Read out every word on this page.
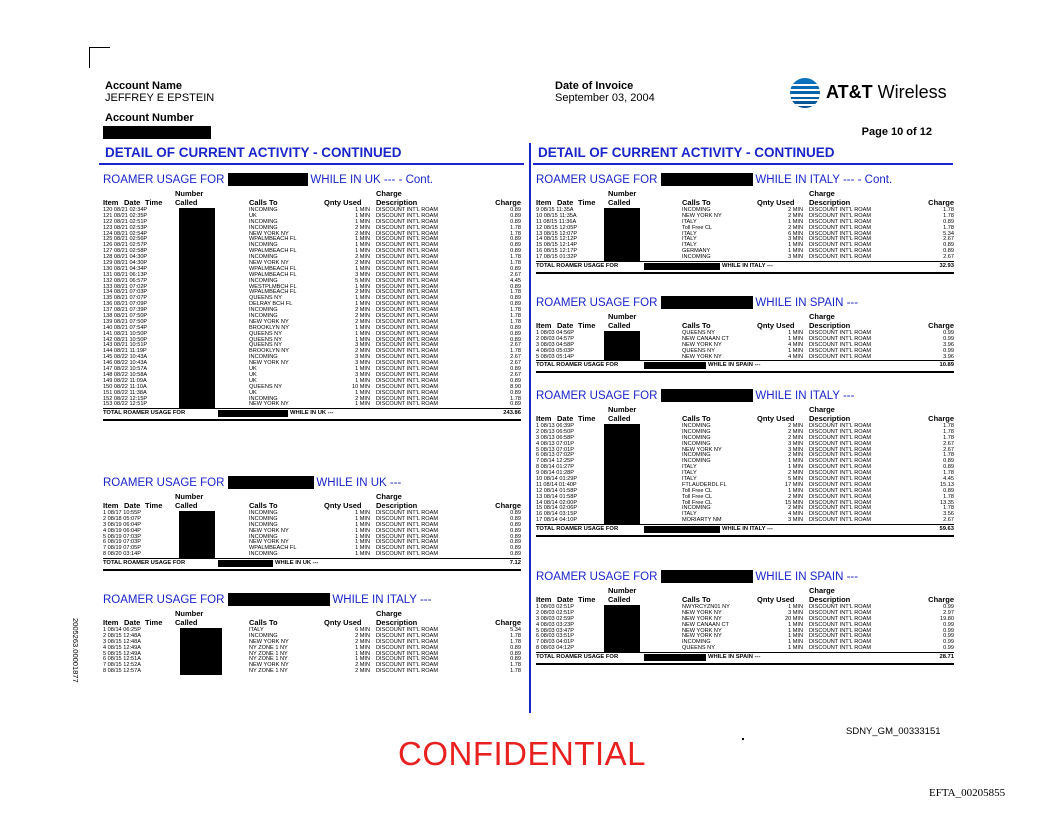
Account Name
JEFFREY E EPSTEIN
Account Number
Date of Invoice
September 03, 2004	AT&T Wireless
Page 10 of 12
DETAIL OF CURRENT ACTIVITY - CONTINUED	DETAIL OF CURRENT ACTIVITY - CONTINUED
ROAMER USAGE FOR	WHILE IN UK --- - Cont.
Number	Charge
Item Date Time Called	Calls To	Qnty Used Description	Charge
120 08/21 02:34P	INCOMING	1 MIN DISCOUNT INT'L ROAM	0.89
121 08/21 02:35P	UK	1 MIN DISCOUNT INT'L ROAM	0.89
122 08/21 02:51P	INCOMING	1 MIN DISCOUNT INT'L ROAM	0.89
123 08/21 02:53P	INCOMING	2 MIN DISCOUNT INT'L ROAM	1.78
124 08/21 02:54P	NEW YORK NY	2 MIN DISCOUNT INT'L ROAM	1.78
125 08/21 02:56P	WPALMBEACH FL	1 MIN DISCOUNT INT'L ROAM	0.89
126 08/21 02:57P	INCOMING	1 MIN DISCOUNT INT'L ROAM	0.89
127 08/21 02:58P	WPALMBEACH FL	1 MIN DISCOUNT INT'L ROAM	0.89
128 08/21 04:30P	INCOMING	2 MIN DISCOUNT INT'L ROAM	1.78
129 08/21 04:30P	NEW YORK NY	2 MIN DISCOUNT INT'L ROAM	1.78
130 08/21 04:34P	WPALMBEACH FL	1 MIN DISCOUNT INT'L ROAM	0.89
131 08/21 06:13P	WPALMBEACH FL	3 MIN DISCOUNT INT'L ROAM	2.67
132 08/21 06:57P	INCOMING	5 MIN DISCOUNT INT'L ROAM	4.45
133 08/21 07:02P	WESTPLMBCH FL	1 MIN DISCOUNT INT'L ROAM	0.89
134 08/21 07:03P	WPALMBEACH FL	2 MIN DISCOUNT INT'L ROAM	1.78
135 08/21 07:07P	QUEENS NY	1 MIN DISCOUNT INT'L ROAM	0.89
136 08/21 07:09P	DELRAY BCH FL	1 MIN DISCOUNT INT'L ROAM	0.89
137 08/21 07:39P	INCOMING	2 MIN DISCOUNT INT'L ROAM	1.78
138 08/21 07:50P	INCOMING	2 MIN DISCOUNT INT'L ROAM	1.78
139 08/21 07:50P	NEW YORK NY	2 MIN DISCOUNT INT'L ROAM	1.78
140 08/21 07:54P	BROOKLYN NY	1 MIN DISCOUNT INT'L ROAM	0.89
141 08/21 10:50P	QUEENS NY	1 MIN DISCOUNT INT'L ROAM	0.89
142 08/21 10:50P	QUEENS NY	1 MIN DISCOUNT INT'L ROAM	0.89
143 08/21 10:51P	QUEENS NY	3 MIN DISCOUNT INT'L ROAM	2.67
144 08/21 11:19P	BROOKLYN NY	2 MIN DISCOUNT INT'L ROAM	1.78
145 08/22 10:43A	INCOMING	3 MIN DISCOUNT INT'L ROAM	2.67
146 08/22 10:43A	NEW YORK NY	3 MIN DISCOUNT INT'L ROAM	2.67
147 08/22 10:57A	UK	1 MIN DISCOUNT INT'L ROAM	0.89
148 08/22 10:58A	UK	3 MIN DISCOUNT INT'L ROAM	2.67
149 08/22 11:09A	UK	1 MIN DISCOUNT INT'L ROAM	0.89
150 08/22 11:10A	QUEENS NY	10 MIN DISCOUNT INT'L ROAM	8.90
151 08/22 11:38A	UK	1 MIN DISCOUNT INT'L ROAM	0.89
152 08/22 12:15P	INCOMING	2 MIN DISCOUNT INT'L ROAM	1.78
153 08/22 12:51P	NEW YORK NY	1 MIN DISCOUNT INT'L ROAM	0.89
TOTAL ROAMER USAGE FOR	WHILE IN UK ---	243.86
ROAMER USAGE FOR	WHILE IN UK ---
Number	Charge
Item Date Time Called	Calls To	Qnty Used Description	Charge
1 08/17 10:55P	INCOMING	1 MIN DISCOUNT INT'L ROAM	0.89
2 08/18 05:07P	INCOMING	1 MIN DISCOUNT INT'L ROAM	0.89
3 08/19 06:04P	INCOMING	1 MIN DISCOUNT INT'L ROAM	0.89
4 08/19 06:04P	NEW YORK NY	1 MIN DISCOUNT INT'L ROAM	0.89
5 08/19 07:03P	INCOMING	1 MIN DISCOUNT INT'L ROAM	0.89
6 08/19 07:03P	NEW YORK NY	1 MIN DISCOUNT INT'L ROAM	0.89
7 08/19 07:05P	WPALMBEACH FL	1 MIN DISCOUNT INT'L ROAM	0.89
8 08/20 03:14P	INCOMING	1 MIN DISCOUNT INT'L ROAM	0.89
TOTAL ROAMER USAGE FOR	WHILE IN UK ---	7.12
ROAMER USAGE FOR	WHILE IN ITALY ---
Number	Charge
Item Date Time Called	Calls To	Qnty Used Description	Charge
1 08/14 06:25P	ITALY	6 MIN DISCOUNT INT'L ROAM	5.34
2 08/15 12:48A	INCOMING	2 MIN DISCOUNT INT'L ROAM	1.78
3 08/15 12:48A	NEW YORK NY	2 MIN DISCOUNT INT'L ROAM	1.78
4 08/15 12:49A	NY ZONE 1 NY	1 MIN DISCOUNT INT'L ROAM	0.89
5 08/15 12:49A	NY ZONE 1 NY	1 MIN DISCOUNT INT'L ROAM	0.89
6 08/15 12:51A	NY ZONE 1 NY	1 MIN DISCOUNT INT'L ROAM	0.89
7 08/15 12:52A	NEW YORK NY	2 MIN DISCOUNT INT'L ROAM	1.78
8 08/15 12:57A	NY ZONE 1 NY	2 MIN DISCOUNT INT'L ROAM	1.78
ROAMER USAGE FOR	WHILE IN ITALY --- - Cont.
Number	Charge
Item Date Time Called	Calls To	Qnty Used Description	Charge
9 08/15 11:35A	INCOMING	2 MIN DISCOUNT INT'L ROAM	1.78
10 08/15 11:35A	NEW YORK NY	2 MIN DISCOUNT INT'L ROAM	1.78
11 08/15 11:36A	ITALY	1 MIN DISCOUNT INT'L ROAM	0.89
12 08/15 12:05P	Toll Free CL	2 MIN DISCOUNT INT'L ROAM	1.78
13 08/15 12:07P	ITALY	6 MIN DISCOUNT INT'L ROAM	5.34
14 08/15 12:12P	ITALY	3 MIN DISCOUNT INT'L ROAM	2.67
15 08/15 12:14P	ITALY	1 MIN DISCOUNT INT'L ROAM	0.89
16 08/15 12:17P	GERMANY	1 MIN DISCOUNT INT'L ROAM	0.89
17 08/15 01:32P	INCOMING	3 MIN DISCOUNT INT'L ROAM	2.67
TOTAL ROAMER USAGE FOR	WHILE IN ITALY ---	32.93
ROAMER USAGE FOR	WHILE IN SPAIN ---
Number	Charge
Item Date Time Called	Calls To	Qnty Used Description	Charge
1 08/03 04:56P	QUEENS NY	1 MIN DISCOUNT INT'L ROAM	0.99
2 08/03 04:57P	NEW CANAAN CT	1 MIN DISCOUNT INT'L ROAM	0.99
3 08/03 04:58P	NEW YORK NY	4 MIN DISCOUNT INT'L ROAM	3.96
4 08/03 05:03P	QUEENS NY	1 MIN DISCOUNT INT'L ROAM	0.99
5 08/03 05:14P	NEW YORK NY	4 MIN DISCOUNT INT'L ROAM	3.96
TOTAL ROAMER USAGE FOR	WHILE IN SPAIN ---	10.89
ROAMER USAGE FOR	WHILE IN ITALY ---
Number	Charge
Item Date Time Called	Calls To	Qnty Used Description	Charge
1 08/13 06:39P	INCOMING	2 MIN DISCOUNT INT'L ROAM	1.78
2 08/13 06:50P	INCOMING	2 MIN DISCOUNT INT'L ROAM	1.78
3 08/13 06:58P	INCOMING	2 MIN DISCOUNT INT'L ROAM	1.78
4 08/13 07:01P	INCOMING	3 MIN DISCOUNT INT'L ROAM	2.67
5 08/13 07:01P	NEW YORK NY	3 MIN DISCOUNT INT'L ROAM	2.67
6 08/13 07:02P	INCOMING	2 MIN DISCOUNT INT'L ROAM	1.78
7 08/14 12:25P	INCOMING	1 MIN DISCOUNT INT'L ROAM	0.89
8 08/14 01:27P	ITALY	1 MIN DISCOUNT INT'L ROAM	0.89
9 08/14 01:28P	ITALY	2 MIN DISCOUNT INT'L ROAM	1.78
10 08/14 01:29P	ITALY	5 MIN DISCOUNT INT'L ROAM	4.45
11 08/14 01:40P	FTLAUDERDL FL	17 MIN DISCOUNT INT'L ROAM	15.13
12 08/14 01:58P	Toll Free CL	1 MIN DISCOUNT INT'L ROAM	0.89
13 08/14 01:58P	Toll Free CL	2 MIN DISCOUNT INT'L ROAM	1.78
14 08/14 02:00P	Toll Free CL	15 MIN DISCOUNT INT'L ROAM	13.35
15 08/14 02:06P	INCOMING	2 MIN DISCOUNT INT'L ROAM	1.78
16 08/14 03:15P	ITALY	4 MIN DISCOUNT INT'L ROAM	3.56
17 08/14 04:10P	MORIARTY NM	3 MIN DISCOUNT INT'L ROAM	2.67
TOTAL ROAMER USAGE FOR	WHILE IN ITALY ---	59.63
ROAMER USAGE FOR	WHILE IN SPAIN ---
Number	Charge
Item Date Time Called	Calls To	Qnty Used Description	Charge
1 08/03 02:51P	NWYRCYZN01 NY	1 MIN DISCOUNT INT'L ROAM	0.99
2 08/03 02:51P	NEW YORK NY	3 MIN DISCOUNT INT'L ROAM	2.97
3 08/03 02:59P	NEW YORK NY	20 MIN DISCOUNT INT'L ROAM	19.80
4 08/03 03:23P	NEW CANAAN CT	1 MIN DISCOUNT INT'L ROAM	0.99
5 08/03 03:47P	NEW YORK NY	1 MIN DISCOUNT INT'L ROAM	0.99
6 08/03 03:51P	NEW YORK NY	1 MIN DISCOUNT INT'L ROAM	0.99
7 08/03 04:01P	INCOMING	1 MIN DISCOUNT INT'L ROAM	0.99
8 08/03 04:12P	QUEENS NY	1 MIN DISCOUNT INT'L ROAM	0.99
TOTAL ROAMER USAGE FOR	WHILE IN SPAIN ---	28.71
SDNY_GM_00333151
CONFIDENTIAL
EFTA_00205855
2005263.00001877
